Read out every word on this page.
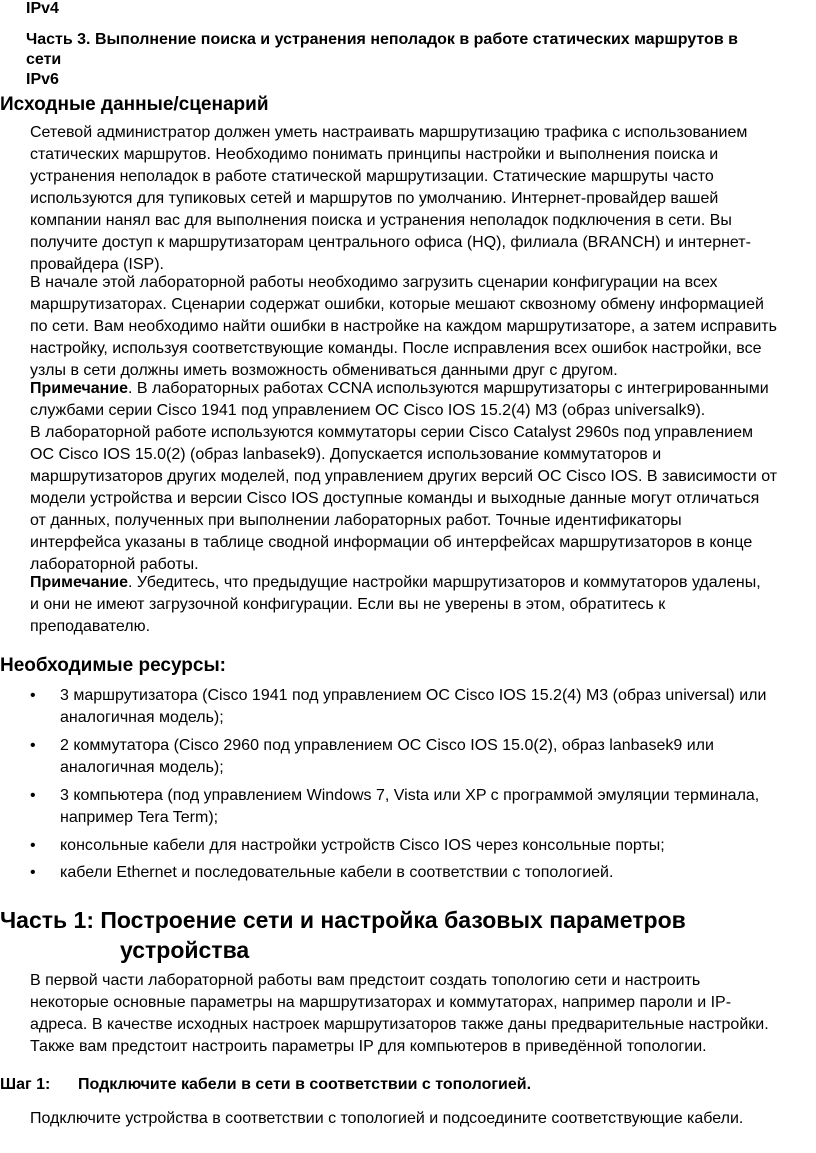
IPv4
Часть 3. Выполнение поиска и устранения неполадок в работе статических маршрутов в
сети
IPv6
Исходные данные/сценарий
Сетевой администратор должен уметь настраивать маршрутизацию трафика с использованием
статических маршрутов. Необходимо понимать принципы настройки и выполнения поиска и
устранения неполадок в работе статической маршрутизации. Статические маршруты часто
используются для тупиковых сетей и маршрутов по умолчанию. Интернет-провайдер вашей
компании нанял вас для выполнения поиска и устранения неполадок подключения в сети. Вы
получите доступ к маршрутизаторам центрального офиса (HQ), филиала (BRANCH) и интернет-
провайдера (ISP).
В начале этой лабораторной работы необходимо загрузить сценарии конфигурации на всех
маршрутизаторах. Сценарии содержат ошибки, которые мешают сквозному обмену информацией
по сети. Вам необходимо найти ошибки в настройке на каждом маршрутизаторе, а затем исправить
настройку, используя соответствующие команды. После исправления всех ошибок настройки, все
узлы в сети должны иметь возможность обмениваться данными друг с другом.
Примечание. В лабораторных работах CCNA используются маршрутизаторы с интегрированными
службами серии Cisco 1941 под управлением ОС Cisco IOS 15.2(4) M3 (образ universalk9).
В лабораторной работе используются коммутаторы серии Cisco Catalyst 2960s под управлением
ОС Cisco IOS 15.0(2) (образ lanbasek9). Допускается использование коммутаторов и
маршрутизаторов других моделей, под управлением других версий ОС Cisco IOS. В зависимости от
модели устройства и версии Cisco IOS доступные команды и выходные данные могут отличаться
от данных, полученных при выполнении лабораторных работ. Точные идентификаторы
интерфейса указаны в таблице сводной информации об интерфейсах маршрутизаторов в конце
лабораторной работы.
Примечание. Убедитесь, что предыдущие настройки маршрутизаторов и коммутаторов удалены,
и они не имеют загрузочной конфигурации. Если вы не уверены в этом, обратитесь к
преподавателю.
Необходимые ресурсы:
• 3 маршрутизатора (Cisco 1941 под управлением ОС Cisco IOS 15.2(4) M3 (образ universal) или
аналогичная модель);
• 2 коммутатора (Cisco 2960 под управлением ОС Cisco IOS 15.0(2), образ lanbasek9 или
аналогичная модель);
• 3 компьютера (под управлением Windows 7, Vista или XP с программой эмуляции терминала,
например Tera Term);
• консольные кабели для настройки устройств Cisco IOS через консольные порты;
• кабели Ethernet и последовательные кабели в соответствии с топологией.
Часть 1: Построение сети и настройка базовых параметров
устройства
В первой части лабораторной работы вам предстоит создать топологию сети и настроить
некоторые основные параметры на маршрутизаторах и коммутаторах, например пароли и IP-
адреса. В качестве исходных настроек маршрутизаторов также даны предварительные настройки.
Также вам предстоит настроить параметры IP для компьютеров в приведённой топологии.
Шаг 1: Подключите кабели в сети в соответствии с топологией.
Подключите устройства в соответствии с топологией и подсоедините соответствующие кабели.
